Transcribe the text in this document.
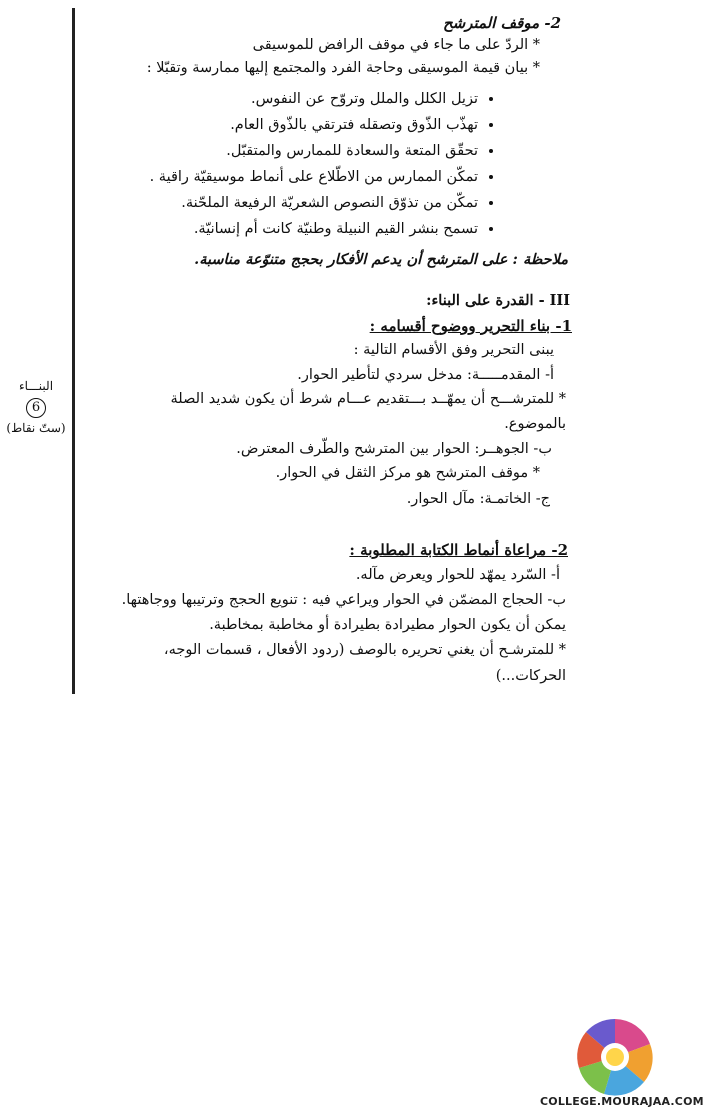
البنـــاء
6
(ستّ نقاط)
2- موقف المترشح
* الردّ على ما جاء في موقف الرافض للموسيقى
* بيان قيمة الموسيقى وحاجة الفرد والمجتمع إليها ممارسة وتقبّلا :
• تزيل الكلل والملل وتروّح عن النفوس.
• تهذّب الذّوق وتصقله فترتقي بالذّوق العام.
• تحقّق المتعة والسعادة للممارس والمتقبّل.
• تمكّن الممارس من الاطّلاع على أنماط موسيقيّة راقية .
• تمكّن من تذوّق النصوص الشعريّة الرفيعة الملحّنة.
• تسمح بنشر القيم النبيلة وطنيّة كانت أم إنسانيّة.
ملاحظة : على المترشح أن يدعم الأفكار بحجج متنوّعة مناسبة.
III - القدرة على البناء:
1- بناء التحرير ووضوح أقسامه :
يبنى التحرير وفق الأقسام التالية :
أ- المقدمـــــة: مدخل سردي لتأطير الحوار.
* للمترشـــح أن يمهّــد بـــتقديم عـــام شرط أن يكون شديد الصلة
بالموضوع.
ب- الجوهــر: الحوار بين المترشح والطّرف المعترض.
* موقف المترشح هو مركز الثقل في الحوار.
ج- الخاتمـة: مآل الحوار.
2- مراعاة أنماط الكتابة المطلوبة :
أ- السّرد يمهّد للحوار ويعرض مآله.
ب- الحجاج المضمّن في الحوار ويراعي فيه : تنويع الحجج وترتيبها ووجاهتها.
يمكن أن يكون الحوار مطيرادة بطيرادة أو مخاطبة بمخاطبة.
* للمترشـح أن يغني تحريره بالوصف (ردود الأفعال ، قسمات الوجه،
الحركات...)
COLLEGE.MOURAJAA.COM
